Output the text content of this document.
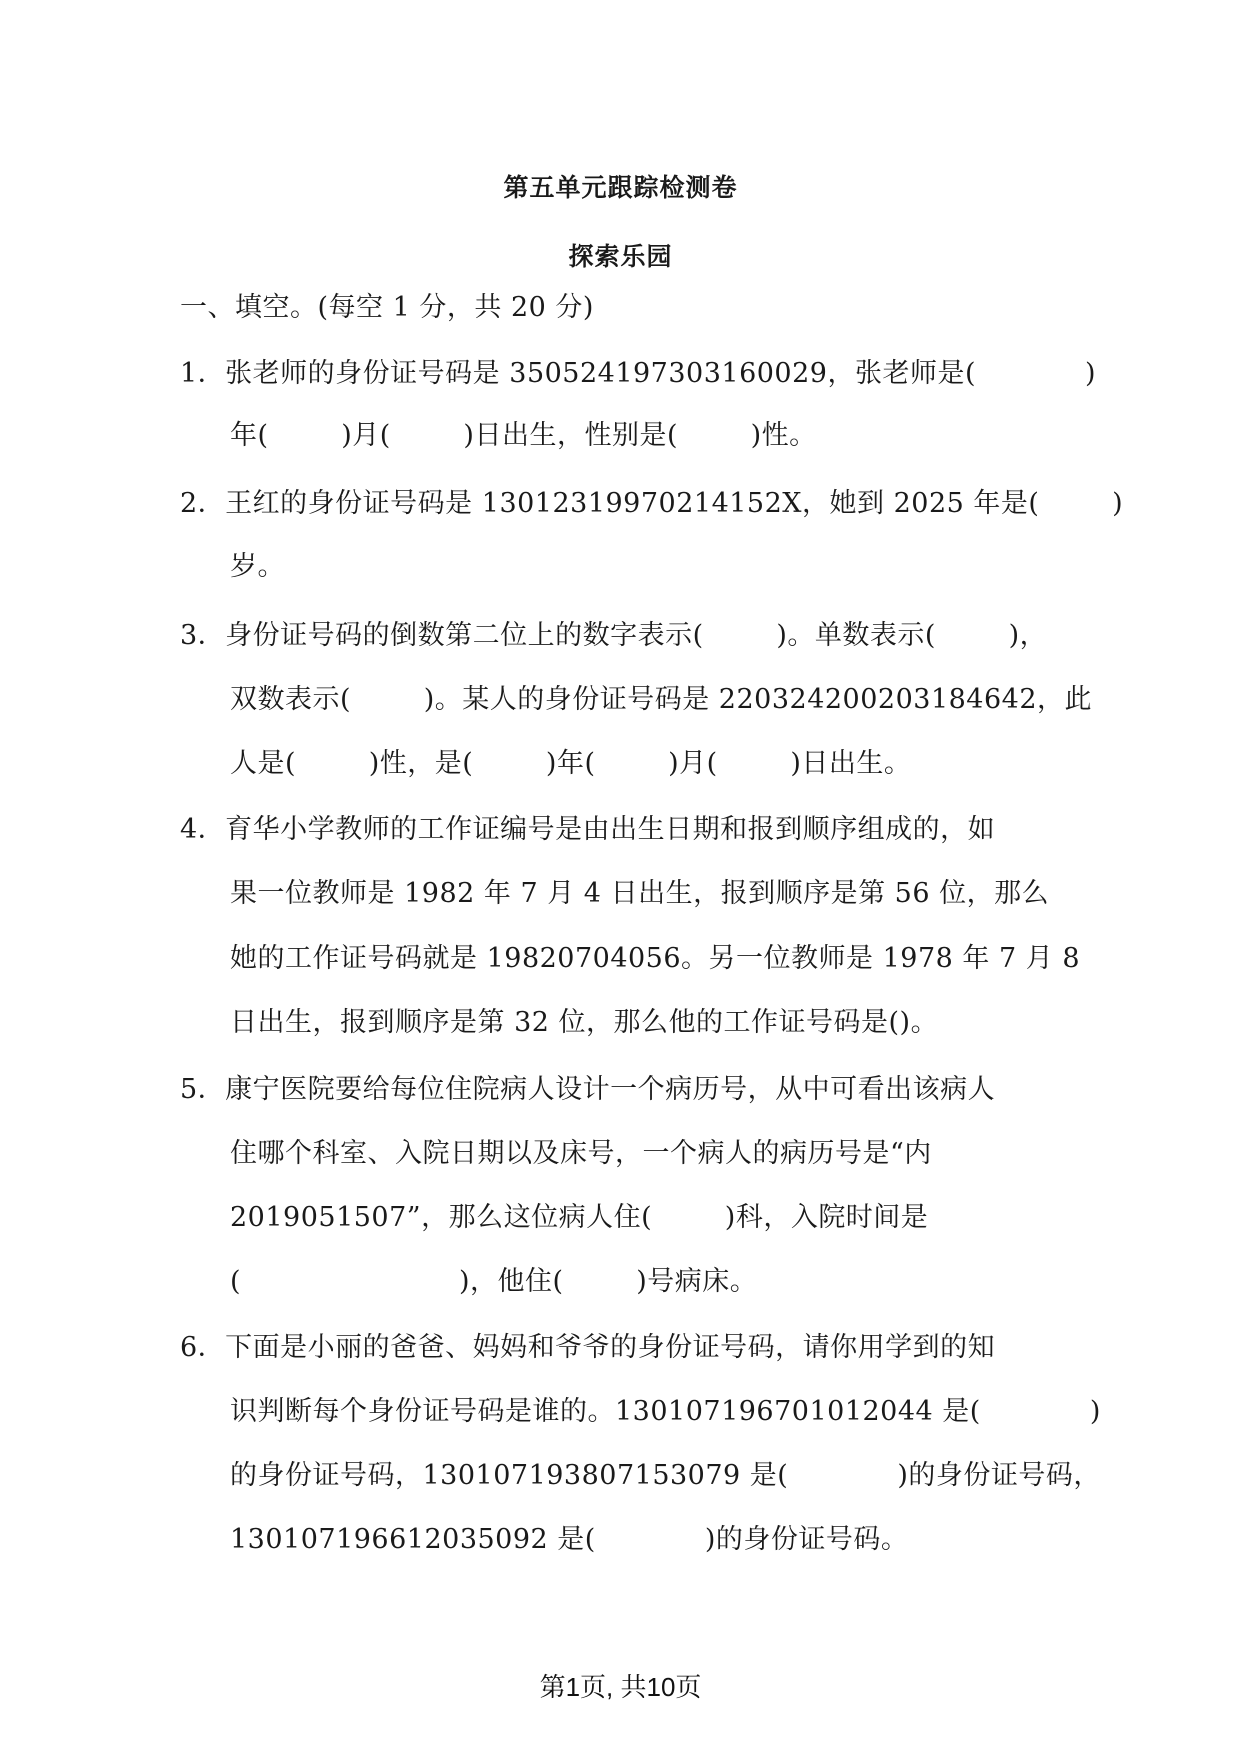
第五单元跟踪检测卷
探索乐园
一、填空。(每空 1 分，共 20 分)
1．张老师的身份证号码是 350524197303160029，张老师是(            )
年(        )月(        )日出生，性别是(        )性。
2．王红的身份证号码是 13012319970214152X，她到 2025 年是(        )
岁。
3．身份证号码的倒数第二位上的数字表示(        )。单数表示(        )，
双数表示(        )。某人的身份证号码是 220324200203184642，此
人是(        )性，是(        )年(        )月(        )日出生。
4．育华小学教师的工作证编号是由出生日期和报到顺序组成的，如
果一位教师是 1982 年 7 月 4 日出生，报到顺序是第 56 位，那么
她的工作证号码就是 19820704056。另一位教师是 1978 年 7 月 8
日出生，报到顺序是第 32 位，那么他的工作证号码是()。
5．康宁医院要给每位住院病人设计一个病历号，从中可看出该病人
住哪个科室、入院日期以及床号，一个病人的病历号是“内
2019051507”，那么这位病人住(        )科，入院时间是
(                        )，他住(        )号病床。
6．下面是小丽的爸爸、妈妈和爷爷的身份证号码，请你用学到的知
识判断每个身份证号码是谁的。130107196701012044 是(            )
的身份证号码，130107193807153079 是(            )的身份证号码，
130107196612035092 是(            )的身份证号码。
第1页, 共10页
